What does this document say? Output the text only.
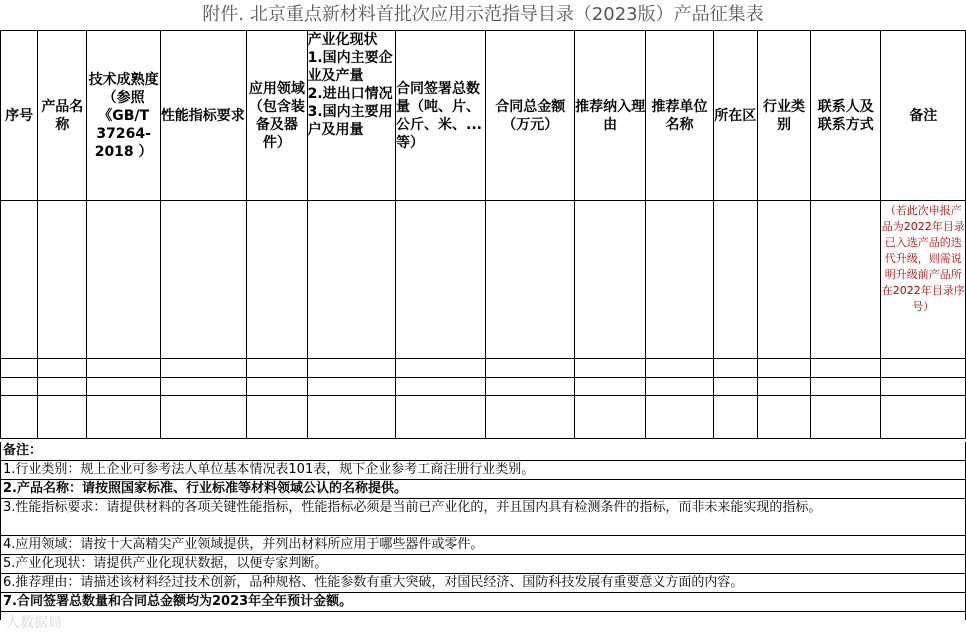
附件. 北京重点新材料首批次应用示范指导目录（2023版）产品征集表
序号	产品名称	技术成熟度（参照《GB/T 37264-2018 ）	性能指标要求	应用领域（包含装备及器件）	产业化现状
1.国内主要企业及产量
2.进出口情况
3.国内主要用户及用量	合同签署总数量（吨、片、公斤、米、...等）	合同总金额（万元）	推荐纳入理由	推荐单位名称	所在区	行业类别	联系人及联系方式	备注
													（若此次申报产品为2022年目录已入选产品的迭代升级，则需说明升级前产品所在2022年目录序号）

备注：
1.行业类别：规上企业可参考法人单位基本情况表101表，规下企业参考工商注册行业类别。
2.产品名称：请按照国家标准、行业标准等材料领域公认的名称提供。
3.性能指标要求：请提供材料的各项关键性能指标，性能指标必须是当前已产业化的，并且国内具有检测条件的指标，而非未来能实现的指标。
4.应用领域：请按十大高精尖产业领域提供，并列出材料所应用于哪些器件或零件。
5.产业化现状：请提供产业化现状数据，以便专家判断。
6.推荐理由：请描述该材料经过技术创新，品种规格、性能参数有重大突破，对国民经济、国防科技发展有重要意义方面的内容。
7.合同签署总数量和合同总金额均为2023年全年预计金额。
人数据局
